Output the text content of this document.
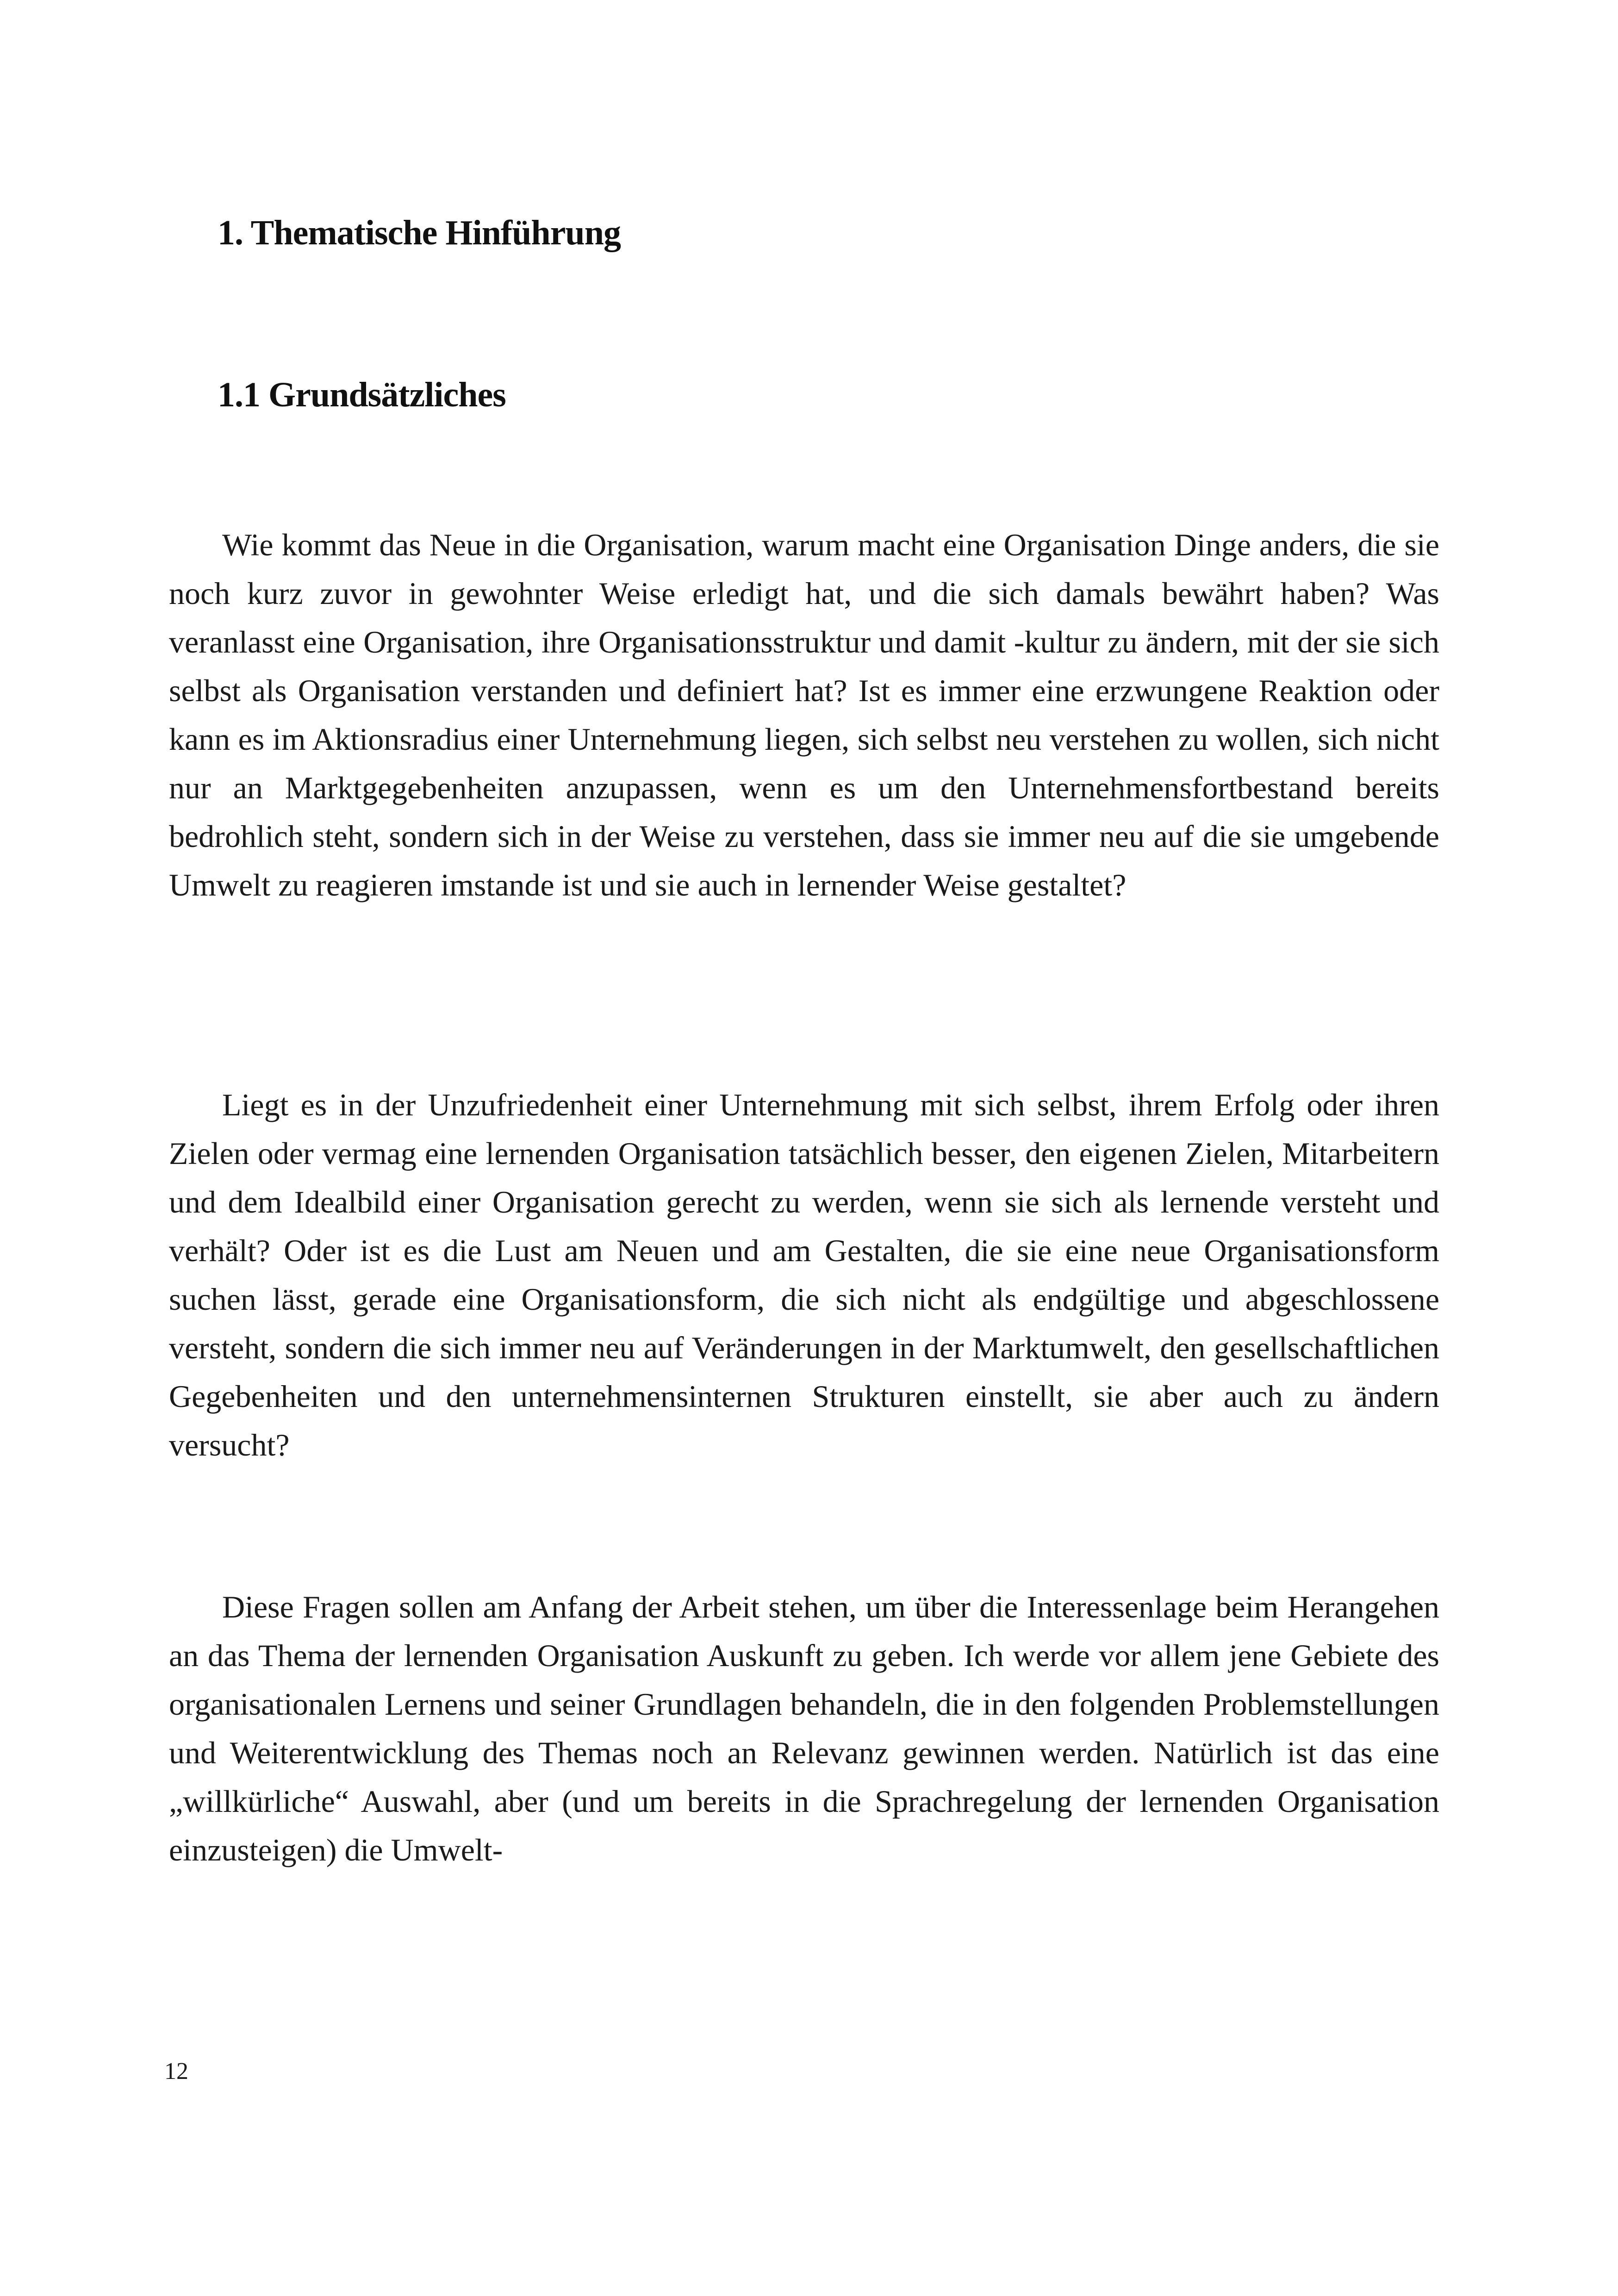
1. Thematische Hinführung
1.1 Grundsätzliches

Wie kommt das Neue in die Organisation, warum macht eine Organisation Dinge anders, die sie noch kurz zuvor in gewohnter Weise erledigt hat, und die sich damals bewährt haben? Was veranlasst eine Organisation, ihre Organisationsstruktur und damit -kultur zu ändern, mit der sie sich selbst als Organisation verstanden und definiert hat? Ist es immer eine erzwungene Reaktion oder kann es im Aktionsradius einer Unternehmung liegen, sich selbst neu verstehen zu wollen, sich nicht nur an Marktgegebenheiten anzupassen, wenn es um den Unternehmensfortbestand bereits bedrohlich steht, sondern sich in der Weise zu verstehen, dass sie immer neu auf die sie umgebende Umwelt zu reagieren imstande ist und sie auch in lernender Weise gestaltet?

Liegt es in der Unzufriedenheit einer Unternehmung mit sich selbst, ihrem Erfolg oder ihren Zielen oder vermag eine lernenden Organisation tatsächlich besser, den eigenen Zielen, Mitarbeitern und dem Idealbild einer Organisation gerecht zu werden, wenn sie sich als lernende versteht und verhält? Oder ist es die Lust am Neuen und am Gestalten, die sie eine neue Organisationsform suchen lässt, gerade eine Organisationsform, die sich nicht als endgültige und abgeschlossene versteht, sondern die sich immer neu auf Veränderungen in der Marktumwelt, den gesellschaftlichen Gegebenheiten und den unternehmensinternen Strukturen einstellt, sie aber auch zu ändern versucht?

Diese Fragen sollen am Anfang der Arbeit stehen, um über die Interessenlage beim Herangehen an das Thema der lernenden Organisation Auskunft zu geben. Ich werde vor allem jene Gebiete des organisationalen Lernens und seiner Grundlagen behandeln, die in den folgenden Problemstellungen und Weiterentwicklung des Themas noch an Relevanz gewinnen werden. Natürlich ist das eine „willkürliche“ Auswahl, aber (und um bereits in die Sprachregelung der lernenden Organisation einzusteigen) die Umwelt-

12
